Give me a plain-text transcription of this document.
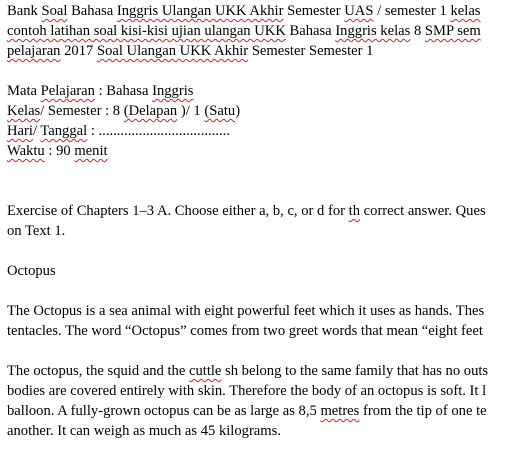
Bank Soal Bahasa Inggris Ulangan UKK Akhir Semester UAS / semester 1 kelas
contoh latihan soal kisi-kisi ujian ulangan UKK Bahasa Inggris kelas 8 SMP sem
pelajaran 2017 Soal Ulangan UKK Akhir Semester Semester 1
Mata Pelajaran : Bahasa Inggris
Kelas/ Semester : 8 (Delapan )/ 1 (Satu)
Hari/ Tanggal : ....................................
Waktu : 90 menit
Exercise of Chapters 1–3 A. Choose either a, b, c, or d for th correct answer. Ques
on Text 1.
Octopus
The Octopus is a sea animal with eight powerful feet which it uses as hands. Thes
tentacles. The word “Octopus” comes from two greet words that mean “eight feet
The octopus, the squid and the cuttle sh belong to the same family that has no outs
bodies are covered entirely with skin. Therefore the body of an octopus is soft. It l
balloon. A fully-grown octopus can be as large as 8,5 metres from the tip of one te
another. It can weigh as much as 45 kilograms.
